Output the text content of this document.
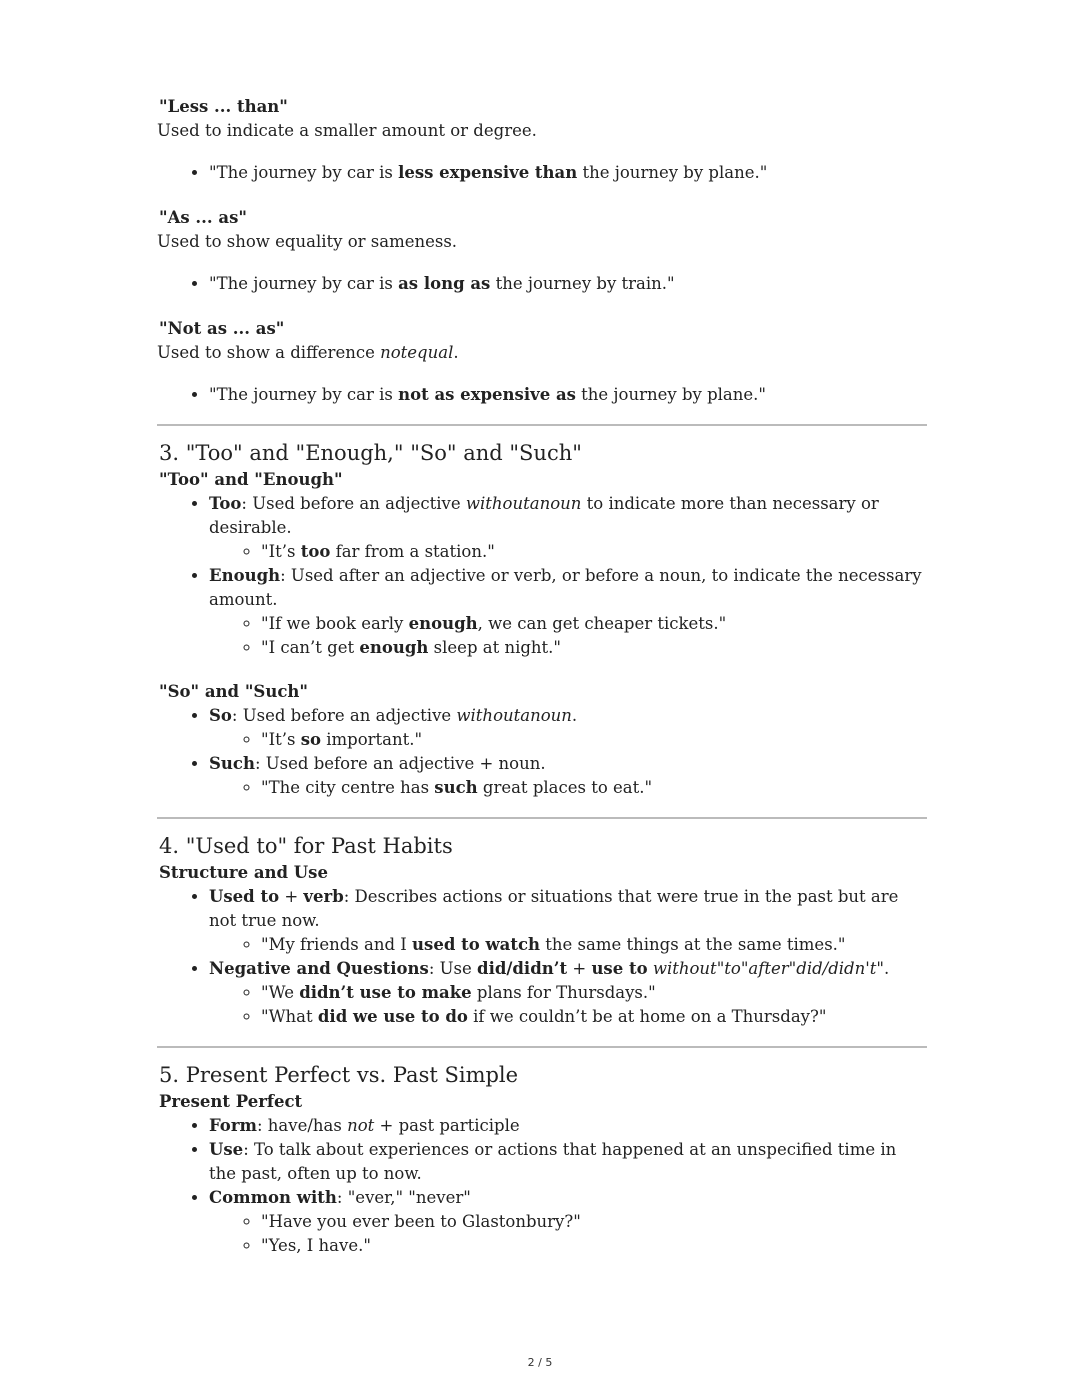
"Less ... than"
Used to indicate a smaller amount or degree.
• "The journey by car is less expensive than the journey by plane."
"As ... as"
Used to show equality or sameness.
• "The journey by car is as long as the journey by train."
"Not as ... as"
Used to show a difference notequal.
• "The journey by car is not as expensive as the journey by plane."
3. "Too" and "Enough," "So" and "Such"
"Too" and "Enough"
• Too: Used before an adjective withoutanoun to indicate more than necessary or desirable.
◦ "It’s too far from a station."
• Enough: Used after an adjective or verb, or before a noun, to indicate the necessary amount.
◦ "If we book early enough, we can get cheaper tickets."
◦ "I can’t get enough sleep at night."
"So" and "Such"
• So: Used before an adjective withoutanoun.
◦ "It’s so important."
• Such: Used before an adjective + noun.
◦ "The city centre has such great places to eat."
4. "Used to" for Past Habits
Structure and Use
• Used to + verb: Describes actions or situations that were true in the past but are not true now.
◦ "My friends and I used to watch the same things at the same times."
• Negative and Questions: Use did/didn’t + use to without"to"after"did/didn't".
◦ "We didn’t use to make plans for Thursdays."
◦ "What did we use to do if we couldn’t be at home on a Thursday?"
5. Present Perfect vs. Past Simple
Present Perfect
• Form: have/has not + past participle
• Use: To talk about experiences or actions that happened at an unspecified time in the past, often up to now.
• Common with: "ever," "never"
◦ "Have you ever been to Glastonbury?"
◦ "Yes, I have."
2 / 5
